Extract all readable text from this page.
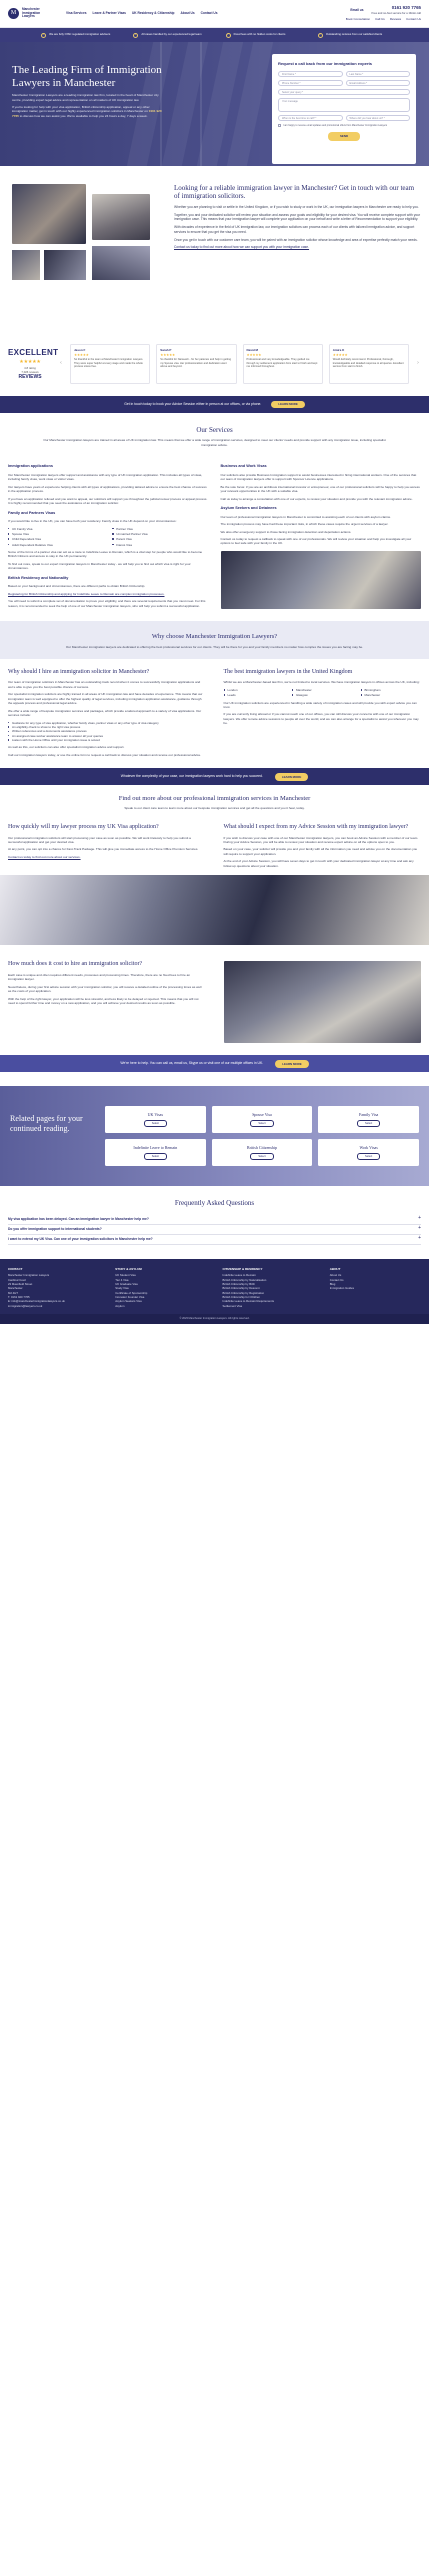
M
Manchester Immigration Lawyers
Visa Services Leave & Partner Visas UK Residency & Citizenship About Us Contact Us
Email us	0161 920 7765
Free and no-fast service for a 10min call
Book Consultation Call Us Reviews Contact Us
✓	We are fully OISC regulated immigration advisers	✓	All cases handled by our experienced legal team	✓	Fixed fees with no hidden costs for clients	✓	Outstanding reviews from our satisfied clients
The Leading Firm of Immigration Lawyers in Manchester

Manchester Immigration Lawyers are a leading immigration law firm, located in the heart of Manchester city centre, providing expert legal advice and representation on all matters of UK immigration law.

If you're looking for help with your visa application, British citizenship application, appeal or any other immigration matter, get in touch with our highly experienced immigration solicitors in Manchester on 0161 920 7765 to discuss how we can assist you. We're available to help you 24 hours a day, 7 days a week.

Request a call back from our immigration experts
First Name *	Last Name *
Phone Number *	Email Address *
Select your query *
Your message
When is the best time to call? *	Where did you hear about us? *
I am happy to receive email updates and promotional offers from Manchester Immigration Lawyers
SEND
Looking for a reliable immigration lawyer in Manchester? Get in touch with our team of immigration solicitors.

Whether you are planning to visit or settle in the United Kingdom, or if you wish to study or work in the UK, our immigration lawyers in Manchester are ready to help you.

Together, you and your dedicated solicitor will review your situation and assess your goals and eligibility for your desired visa. You will receive complete support with your immigration case. This means that your immigration lawyer will complete your application on your behalf and write a letter of Recommendation to support your eligibility.

With decades of experience in the field of UK immigration law, our immigration solicitors can process each of our clients with tailored immigration advice, and support services to ensure that you get the visa you need.

Once you get in touch with our customer care team, you will be paired with an immigration solicitor whose knowledge and area of expertise perfectly match your needs.

Contact us today to find out more about how we can support you with your immigration case.

EXCELLENT
★★★★★
4.8 rating
7,026 reviews
REVIEWS
‹
Jason F
★★★★★
So thankful to the team at Manchester Immigration Lawyers. They were super helpful at every stage and made the whole process stress free.
Sarah P
★★★★★
So thankful for Nameesh - for her patience and help in getting my Spouse visa. Her professionalism and dedication went above and beyond.
David M
★★★★★
Professional and very knowledgeable. They guided me through my settlement application from start to finish and kept me informed throughout.
Amira K
★★★★★
Would definitely recommend. Professional, thorough, knowledgeable and detailed response to all queries. Excellent service from start to finish.
›
Get in touch today to book your Advice Session either in person at our offices, or via phone.	LEARN MORE
Our Services

Our Manchester immigration lawyers are trained in all areas of UK immigration law. This means that we offer a wide range of immigration services, designed to meet our clients' needs and provide support with any immigration issue, including specialist immigration advice.

Immigration applications

Our Manchester immigration lawyers offer support and assistance with any type of UK immigration application. This includes all types of visas, including family visas, work visas or visitor visas.

Our lawyers have years of experience helping clients with all types of applications, providing tailored advice to ensure the best chance of success in the application process.

If you have an application refused and you want to appeal, our solicitors will support you throughout the judicial review process or appeal process. It is highly recommended that you seek the assistance of an immigration solicitor.

Family and Partners Visas

If you would like to live in the UK, you can have both your residency. Family visas in the UK depend on your circumstances:

UK Family Visa	Partner Visa
Spouse Visa	Unmarried Partner Visa
Child Dependant Visa	Parent Visa
Adult Dependant Relative Visa	Fiancé Visa

Some of the forms of a partner visa can act as a route to Indefinite Leave to Remain, which is a vital step for people who would like to become British Citizens and access to stay in the UK permanently.

To find out more, speak to our expert immigration lawyers in Manchester today - we will help you to find out which visa is right for your circumstances.

British Residency and Nationality

Based on your background and circumstances, there are different paths to obtain British Citizenship.

Registering for British Citizenship and applying for Indefinite Leave to Remain are complex immigration processes.

You will need to submit a complete set of documentation to prove your eligibility, and there are several requirements that you must meet. For this reason, it is recommended to seek the help of one of our Manchester immigration lawyers, who will help you submit a successful application.

Business and Work Visas

Our solicitors also provide Business Immigration support to assist businesses interested in hiring international workers. One of the services that our team of immigration lawyers offer is support with Sponsor Licence applications.

Be the sole focus: if you are an ambitious international investor or entrepreneur, one of our professional solicitors will be happy to help you access your relevant opportunities in the UK with a suitable visa.

Call us today to arrange a consultation with one of our experts, to review your situation and provide you with the relevant immigration advice.

Asylum Seekers and Detainees

Our team of professional immigration lawyers in Manchester is committed to assisting each of our clients with asylum claims.

The immigration process may have had these important risks, in which these cases require the urgent services of a lawyer.

We also offer emergency support to those facing immigration detention and deportation actions.

Contact us today to request a callback to speak with one of our professionals. We will review your situation and help you investigate all your options to feel safe with your family in the UK.

Why choose Manchester Immigration Lawyers?

Our Manchester immigration lawyers are dedicated to offering the best professional services for our clients. They will be there for you and your family members no matter how complex the issues you are facing may be.

Why should I hire an immigration solicitor in Manchester?

Our team of immigration solicitors in Manchester has an outstanding track record when it comes to successfully immigration applications and we're able to give you the best possible chance of success.

Our specialist immigration solicitors are highly trained in all areas of UK immigration law and have decades of experience. This means that our immigration team is well equipped to offer the highest quality of legal services, including immigration application assistance, guidance through the appeals process and professional legal advice.

We offer a wide range of bespoke immigration services and packages, which provide a tailored approach to a variety of visa applications. Our services include:

Guidance for any type of visa application, whether family visas, partner visas or any other type of visa category
An eligibility check to show to the right visa process
Written references and a documents assistance process
An assigned case worker assistance team to answer all your queries
Liaison with the Home Office until your immigration issue is solved

As well as this, our solicitors can also offer specialist immigration advice and support.

Call our immigration lawyers today, or use the online form to request a call back to discuss your situation and receive our professional advice.

The best immigration lawyers in the United Kingdom

Whilst we are a Manchester-based law firm, we're not limited to local services. We have immigration lawyers in offices across the UK, including:

London	Manchester	Birmingham
Leeds	Glasgow	Manchester

Our UK immigration solicitors are experienced in handling a wide variety of immigration cases and will provide you with expert advice you can trust.

If you are currently living abroad or if you cannot reach one of our offices, you can still discuss your concerns with one of our immigration lawyers. We offer remote advice sessions to people all over the world, and we can also arrange for a specialist to assist you wherever you may be.

Whatever the complexity of your case, our immigration lawyers work hard to help you succeed.	LEARN MORE
Find out more about our professional immigration services in Manchester

Speak to our client care team to learn more about our bespoke immigration services and get all the questions and you it hear, today.

How quickly will my lawyer process my UK Visa application?

Our professional immigration solicitors will start processing your case as soon as possible. We will work tirelessly to help you submit a successful application and get your desired visa.

At any point, you can opt into a chance for Fast-Track Package. This will give you immediate access to the Home Office Premium Services.

Contact us today to find out more about our services.

What should I expect from my Advice Session with my immigration lawyer?

If you wish to discuss your case with one of our Manchester immigration lawyers, you can book an Advice Session with a member of our team. During your Advice Session, you will be able to review your situation and receive expert advice on all the options open to you.

Based on your case, your solicitor will provide you and your family with all the information you need and advise you on the documentation you will require to support your application.

At the end of your Advice Session, you will have seven days to get in touch with your dedicated immigration lawyer at any time and ask any follow-up questions about your situation.

How much does it cost to hire an immigration solicitor?

Each case is unique and often requires different needs, processes and processing times. Therefore, there are no fixed fees to hire an immigration lawyer.

Nevertheless, during your first advice session with your immigration solicitor, you will receive a detailed outline of the processing times as well as the costs of your application.

With the help of the right lawyer, your application will be less stressful, and less likely to be delayed or rejected. This means that you will not need to spend further time and money on a new application, and you will achieve your desired results as soon as possible.

We're here to help. You can call us, email us, Skype us or visit one of our multiple offices in UK.	LEARN MORE
Related pages for your continued reading.
UK Visas
Select
Spouse Visa
Select
Family Visa
Select
Indefinite Leave to Remain
Select
British Citizenship
Select
Work Visas
Select
Frequently Asked Questions
My visa application has been delayed. Can an immigration lawyer in Manchester help me?	+
Do you offer immigration support to international students?	+
I want to extend my UK Visa. Can one of your immigration solicitors in Manchester help me?	+
CONTACT
Manchester Immigration Lawyers
Cardinal Court
23 Maunfield Street
Manchester
M2 4HT
T. 0161 920 7765
E: info@manchesterimmigrationlawyers.co.uk
immigration@lawyers.co.uk
STUDY & ASYLUM
UK Student Visa
Tier 4 Visa
UK Graduate Visa
Study Visa
Certificate of Sponsorship
Innovator Founder Visa
Asylum Seekers Visa
Asylum
CITIZENSHIP & RESIDENCY
Indefinite Leave to Remain
British Citizenship by Naturalisation
British Citizenship by Birth
British Citizenship by Descent
British Citizenship by Registration
British Citizenship for Children
Indefinite Leave to Remain Requirements
Settlement Visa
ABOUT
About Us
Contact Us
Blog
Immigration Guides
© 2023 Manchester Immigration Lawyers. All rights reserved.
